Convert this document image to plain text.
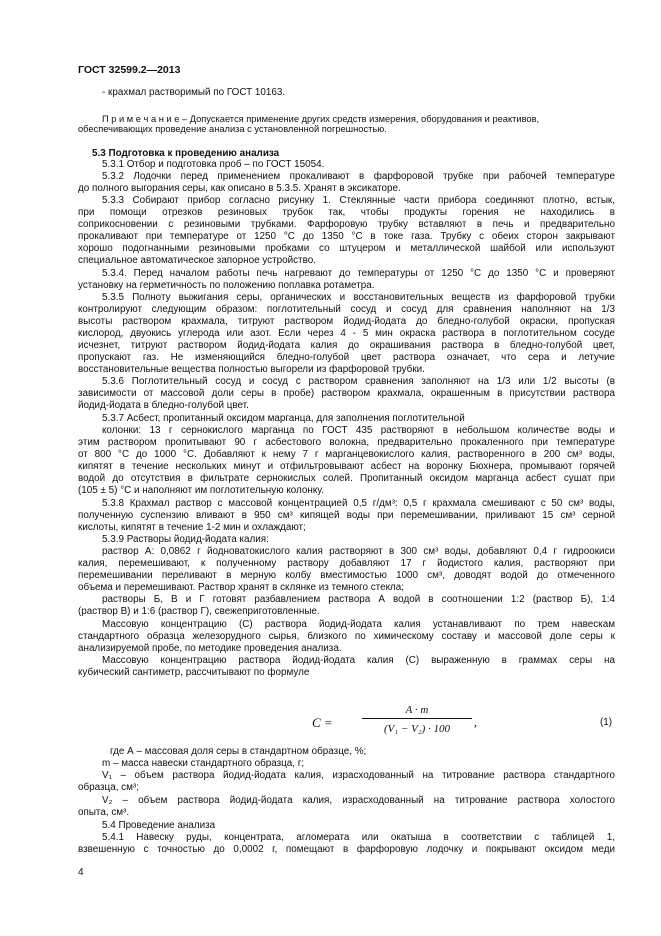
ГОСТ 32599.2—2013
- крахмал растворимый по ГОСТ 10163.
П р и м е ч а н и е – Допускается применение других средств измерения, оборудования и реактивов,
обеспечивающих проведение анализа с установленной погрешностью.
5.3 Подготовка к проведению анализа
5.3.1 Отбор и подготовка проб – по ГОСТ 15054.
5.3.2 Лодочки перед применением прокаливают в фарфоровой трубке при рабочей температуре
до полного выгорания серы, как описано в 5.3.5. Хранят в эксикаторе.
5.3.3 Собирают прибор согласно рисунку 1. Стеклянные части прибора соединяют плотно, встык,
при помощи отрезков резиновых трубок так, чтобы продукты горения не находились в
соприкосновении с резиновыми трубками. Фарфоровую трубку вставляют в печь и предварительно
прокаливают при температуре от 1250 °С до 1350 °С в токе газа. Трубку с обеих сторон закрывают
хорошо подогнанными резиновыми пробками со штуцером и металлической шайбой или используют
специальное автоматическое запорное устройство.
5.3.4. Перед началом работы печь нагревают до температуры от 1250 °С до 1350 °С и проверяют
установку на герметичность по положению поплавка ротаметра.
5.3.5 Полноту выжигания серы, органических и восстановительных веществ из фарфоровой трубки
контролируют следующим образом: поглотительный сосуд и сосуд для сравнения наполняют на 1/3
высоты раствором крахмала, титруют раствором йодид-йодата до бледно-голубой окраски, пропуская
кислород, двуокись углерода или азот. Если через 4 - 5 мин окраска раствора в поглотительном сосуде
исчезнет, титруют раствором йодид-йодата калия до окрашивания раствора в бледно-голубой цвет,
пропускают газ. Не изменяющийся бледно-голубой цвет раствора означает, что сера и летучие
восстановительные вещества полностью выгорели из фарфоровой трубки.
5.3.6 Поглотительный сосуд и сосуд с раствором сравнения заполняют на 1/3 или 1/2 высоты (в
зависимости от массовой доли серы в пробе) раствором крахмала, окрашенным в присутствии раствора
йодид-йодата в бледно-голубой цвет.
5.3.7 Асбест, пропитанный оксидом марганца, для заполнения поглотительной
колонки: 13 г сернокислого марганца по ГОСТ 435 растворяют в небольшом количестве воды и
этим раствором пропитывают 90 г асбестового волокна, предварительно прокаленного при температуре
от 800 °С до 1000 °С. Добавляют к нему 7 г марганцевокислого калия, растворенного в 200 см³ воды,
кипятят в течение нескольких минут и отфильтровывают асбест на воронку Бюхнера, промывают горячей
водой до отсутствия в фильтрате сернокислых солей. Пропитанный оксидом марганца асбест сушат при
(105 ± 5) °С и наполняют им поглотительную колонку.
5.3.8 Крахмал раствор с массовой концентрацией 0,5 г/дм³: 0,5 г крахмала смешивают с 50 см³ воды,
полученную суспензию вливают в 950 см³ кипящей воды при перемешивании, приливают 15 см³ серной
кислоты, кипятят в течение 1-2 мин и охлаждают;
5.3.9 Растворы йодид-йодата калия:
раствор А: 0,0862 г йодноватокислого калия растворяют в 300 см³ воды, добавляют 0,4 г гидроокиси
калия, перемешивают, к полученному раствору добавляют 17 г йодистого калия, растворяют при
перемешивании переливают в мерную колбу вместимостью 1000 см³, доводят водой до отмеченного
объема и перемешивают. Раствор хранят в склянке из темного стекла;
растворы Б, В и Г готовят разбавлением раствора А водой в соотношении 1:2 (раствор Б), 1:4
(раствор В) и 1:6 (раствор Г), свежеприготовленные.
Массовую концентрацию (С) раствора йодид-йодата калия устанавливают по трем навескам
стандартного образца железорудного сырья, близкого по химическому составу и массовой доле серы к
анализируемой пробе, по методике проведения анализа.
Массовую концентрацию раствора йодид-йодата калия (С) выраженную в граммах серы на
кубический сантиметр, рассчитывают по формуле
где А – массовая доля серы в стандартном образце, %;
m – масса навески стандартного образца, г;
V₁ – объем раствора йодид-йодата калия, израсходованный на титрование раствора стандартного
образца, см³;
V₂ – объем раствора йодид-йодата калия, израсходованный на титрование раствора холостого
опыта, см³.
5.4 Проведение анализа
5.4.1 Навеску руды, концентрата, агломерата или окатыша в соответствии с таблицей 1,
взвешенную с точностью до 0,0002 г, помещают в фарфоровую лодочку и покрывают оксидом меди
C =
A · m
(V₁ − V₂) · 100	,	(1)
4
